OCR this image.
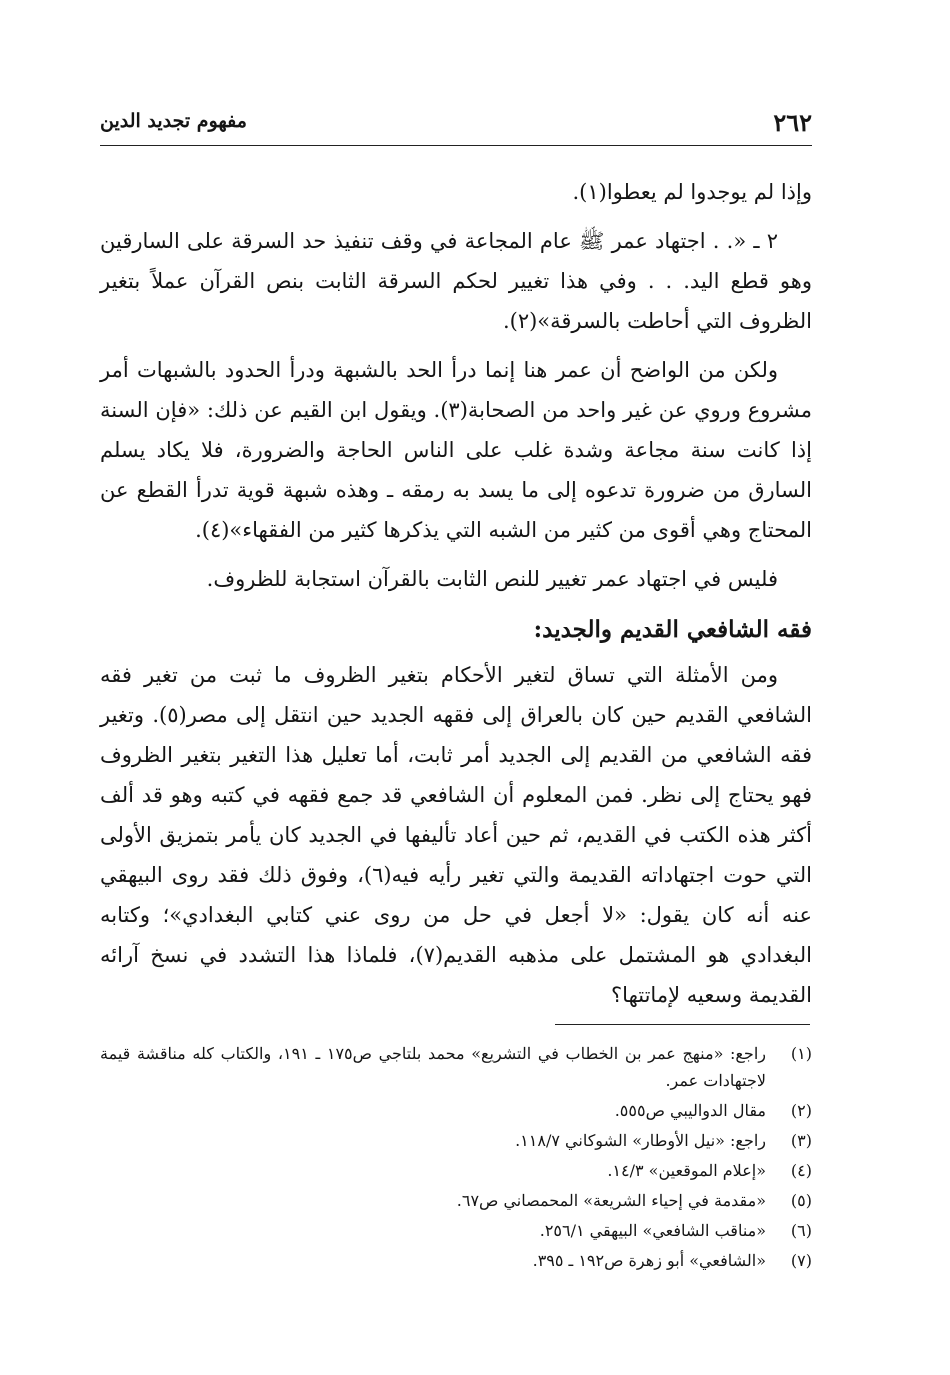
٢٦٢
مفهوم تجديد الدين

وإذا لم يوجدوا لم يعطوا(١).

٢ ـ «. . اجتهاد عمر ﷺ عام المجاعة في وقف تنفيذ حد السرقة على السارقين وهو قطع اليد. . . وفي هذا تغيير لحكم السرقة الثابت بنص القرآن عملاً بتغير الظروف التي أحاطت بالسرقة»(٢).

ولكن من الواضح أن عمر هنا إنما درأ الحد بالشبهة ودرأ الحدود بالشبهات أمر مشروع وروي عن غير واحد من الصحابة(٣). ويقول ابن القيم عن ذلك: «فإن السنة إذا كانت سنة مجاعة وشدة غلب على الناس الحاجة والضرورة، فلا يكاد يسلم السارق من ضرورة تدعوه إلى ما يسد به رمقه ـ وهذه شبهة قوية تدرأ القطع عن المحتاج وهي أقوى من كثير من الشبه التي يذكرها كثير من الفقهاء»(٤).

فليس في اجتهاد عمر تغيير للنص الثابت بالقرآن استجابة للظروف.

فقه الشافعي القديم والجديد:

ومن الأمثلة التي تساق لتغير الأحكام بتغير الظروف ما ثبت من تغير فقه الشافعي القديم حين كان بالعراق إلى فقهه الجديد حين انتقل إلى مصر(٥). وتغير فقه الشافعي من القديم إلى الجديد أمر ثابت، أما تعليل هذا التغير بتغير الظروف فهو يحتاج إلى نظر. فمن المعلوم أن الشافعي قد جمع فقهه في كتبه وهو قد ألف أكثر هذه الكتب في القديم، ثم حين أعاد تأليفها في الجديد كان يأمر بتمزيق الأولى التي حوت اجتهاداته القديمة والتي تغير رأيه فيه(٦)، وفوق ذلك فقد روى البيهقي عنه أنه كان يقول: «لا أجعل في حل من روى عني كتابي البغدادي»؛ وكتابه البغدادي هو المشتمل على مذهبه القديم(٧)، فلماذا هذا التشدد في نسخ آرائه القديمة وسعيه لإماتتها؟

(١)
راجع: «منهج عمر بن الخطاب في التشريع» محمد بلتاجي ص١٧٥ ـ ١٩١، والكتاب كله مناقشة قيمة لاجتهادات عمر.
(٢)
مقال الدواليبي ص٥٥٥.
(٣)
راجع: «نيل الأوطار» الشوكاني ١١٨/٧.
(٤)
«إعلام الموقعين» ١٤/٣.
(٥)
«مقدمة في إحياء الشريعة» المحمصاني ص٦٧.
(٦)
«مناقب الشافعي» البيهقي ٢٥٦/١.
(٧)
«الشافعي» أبو زهرة ص١٩٢ ـ ٣٩٥.
